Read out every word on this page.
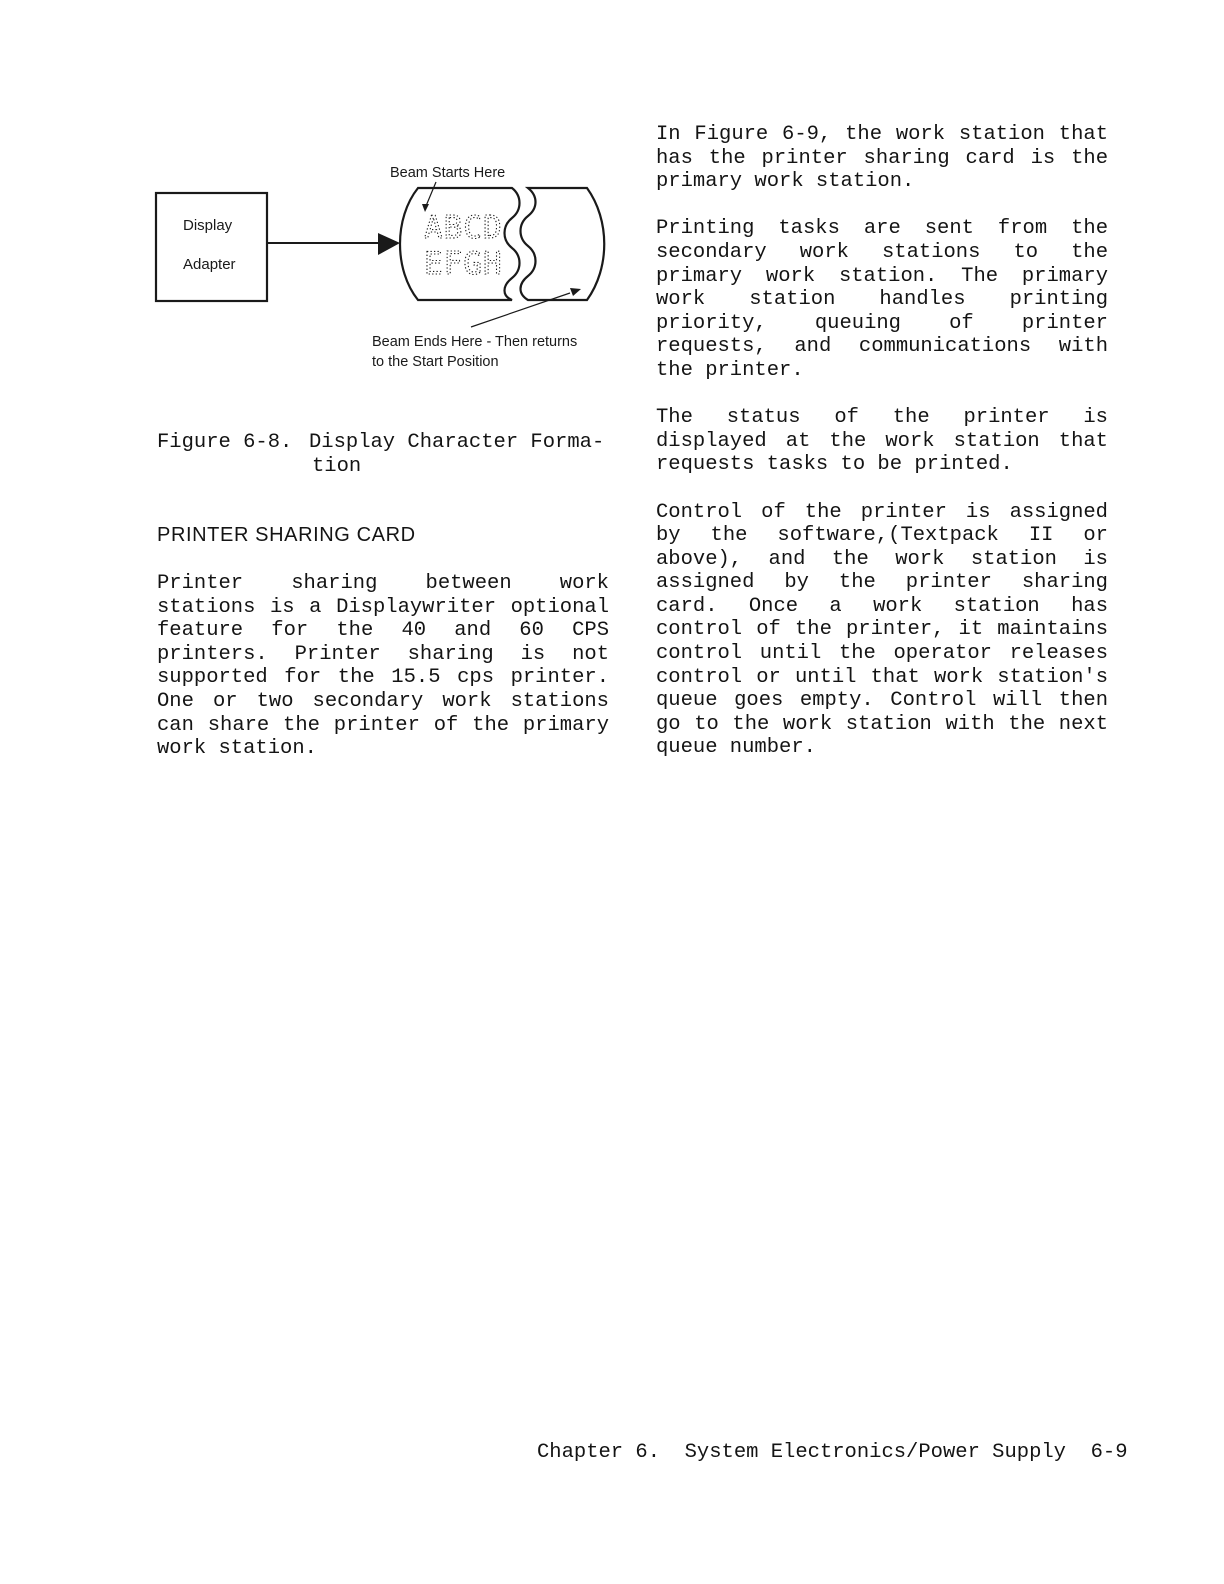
Display
Adapter
ABCD
EFGH
Beam Starts Here
Beam Ends Here - Then returns
to the Start Position
Figure 6-8. Display Character Forma-
tion
PRINTER SHARING CARD

Printer sharing between work stations is a Displaywriter optional feature for the 40 and 60 CPS printers. Printer sharing is not supported for the 15.5 cps printer. One or two secondary work stations can share the printer of the primary work station.

In Figure 6-9, the work station that has the printer sharing card is the primary work station.

Printing tasks are sent from the secondary work stations to the primary work station. The primary work station handles printing priority, queuing of printer requests, and communications with the printer.

The status of the printer is displayed at the work station that requests tasks to be printed.

Control of the printer is assigned by the software,(Textpack II or above), and the work station is assigned by the printer sharing card. Once a work station has control of the printer, it maintains control until the operator releases control or until that work station's queue goes empty. Control will then go to the work station with the next queue number.

Chapter 6.  System Electronics/Power Supply  6-9
